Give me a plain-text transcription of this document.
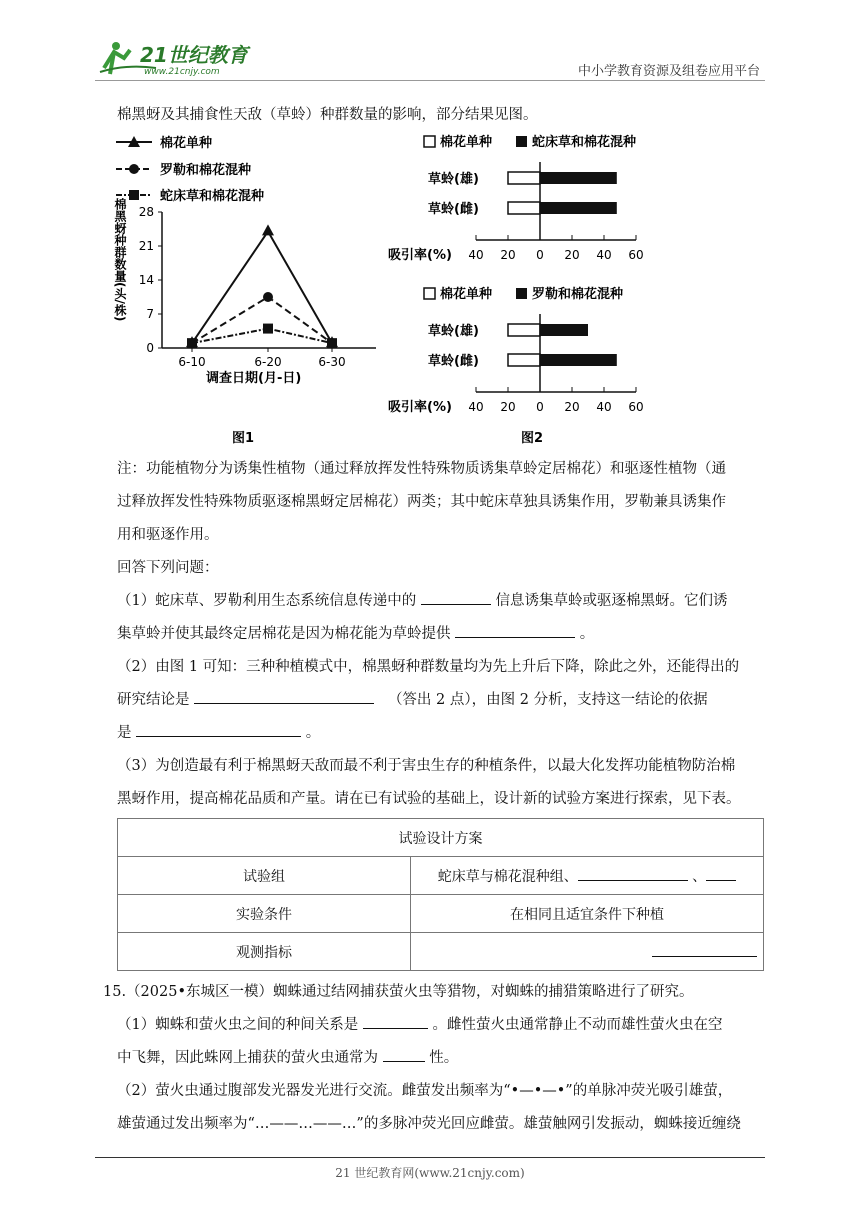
21世纪教育
www.21cnjy.com	中小学教育资源及组卷应用平台
棉黑蚜及其捕食性天敌（草蛉）种群数量的影响，部分结果见图。
棉花单种
罗勒和棉花混种
蛇床草和棉花混种
棉黑蚜种群数量(头/株)
0
7
14
21
28
6-10	6-20	6-30
调查日期(月-日)
图1
棉花单种	蛇床草和棉花混种
草蛉(雄)
草蛉(雌)
40 20 0 20 40 60
吸引率(%)
棉花单种	罗勒和棉花混种
草蛉(雄)
草蛉(雌)
40 20 0 20 40 60
吸引率(%)
图2
注：功能植物分为诱集性植物（通过释放挥发性特殊物质诱集草蛉定居棉花）和驱逐性植物（通
过释放挥发性特殊物质驱逐棉黑蚜定居棉花）两类；其中蛇床草独具诱集作用，罗勒兼具诱集作
用和驱逐作用。
回答下列问题：
（1）蛇床草、罗勒利用生态系统信息传递中的	信息诱集草蛉或驱逐棉黑蚜。它们诱
集草蛉并使其最终定居棉花是因为棉花能为草蛉提供	。
（2）由图 1 可知：三种种植模式中，棉黑蚜种群数量均为先上升后下降，除此之外，还能得出的
研究结论是	（答出 2 点），由图 2 分析，支持这一结论的依据
是	。
（3）为创造最有利于棉黑蚜天敌而最不利于害虫生存的种植条件，以最大化发挥功能植物防治棉
黑蚜作用，提高棉花品质和产量。请在已有试验的基础上，设计新的试验方案进行探索，见下表。
试验设计方案	
试验组	蛇床草与棉花混种组、 、
实验条件	在相同且适宜条件下种植
观测指标	
15.（2025•东城区一模）蜘蛛通过结网捕获萤火虫等猎物，对蜘蛛的捕猎策略进行了研究。
（1）蜘蛛和萤火虫之间的种间关系是	。雌性萤火虫通常静止不动而雄性萤火虫在空
中飞舞，因此蛛网上捕获的萤火虫通常为	性。
（2）萤火虫通过腹部发光器发光进行交流。雌萤发出频率为“•—•—•”的单脉冲荧光吸引雄萤，
雄萤通过发出频率为“…——…——…”的多脉冲荧光回应雌萤。雄萤触网引发振动，蜘蛛接近缠绕
21 世纪教育网(www.21cnjy.com)
